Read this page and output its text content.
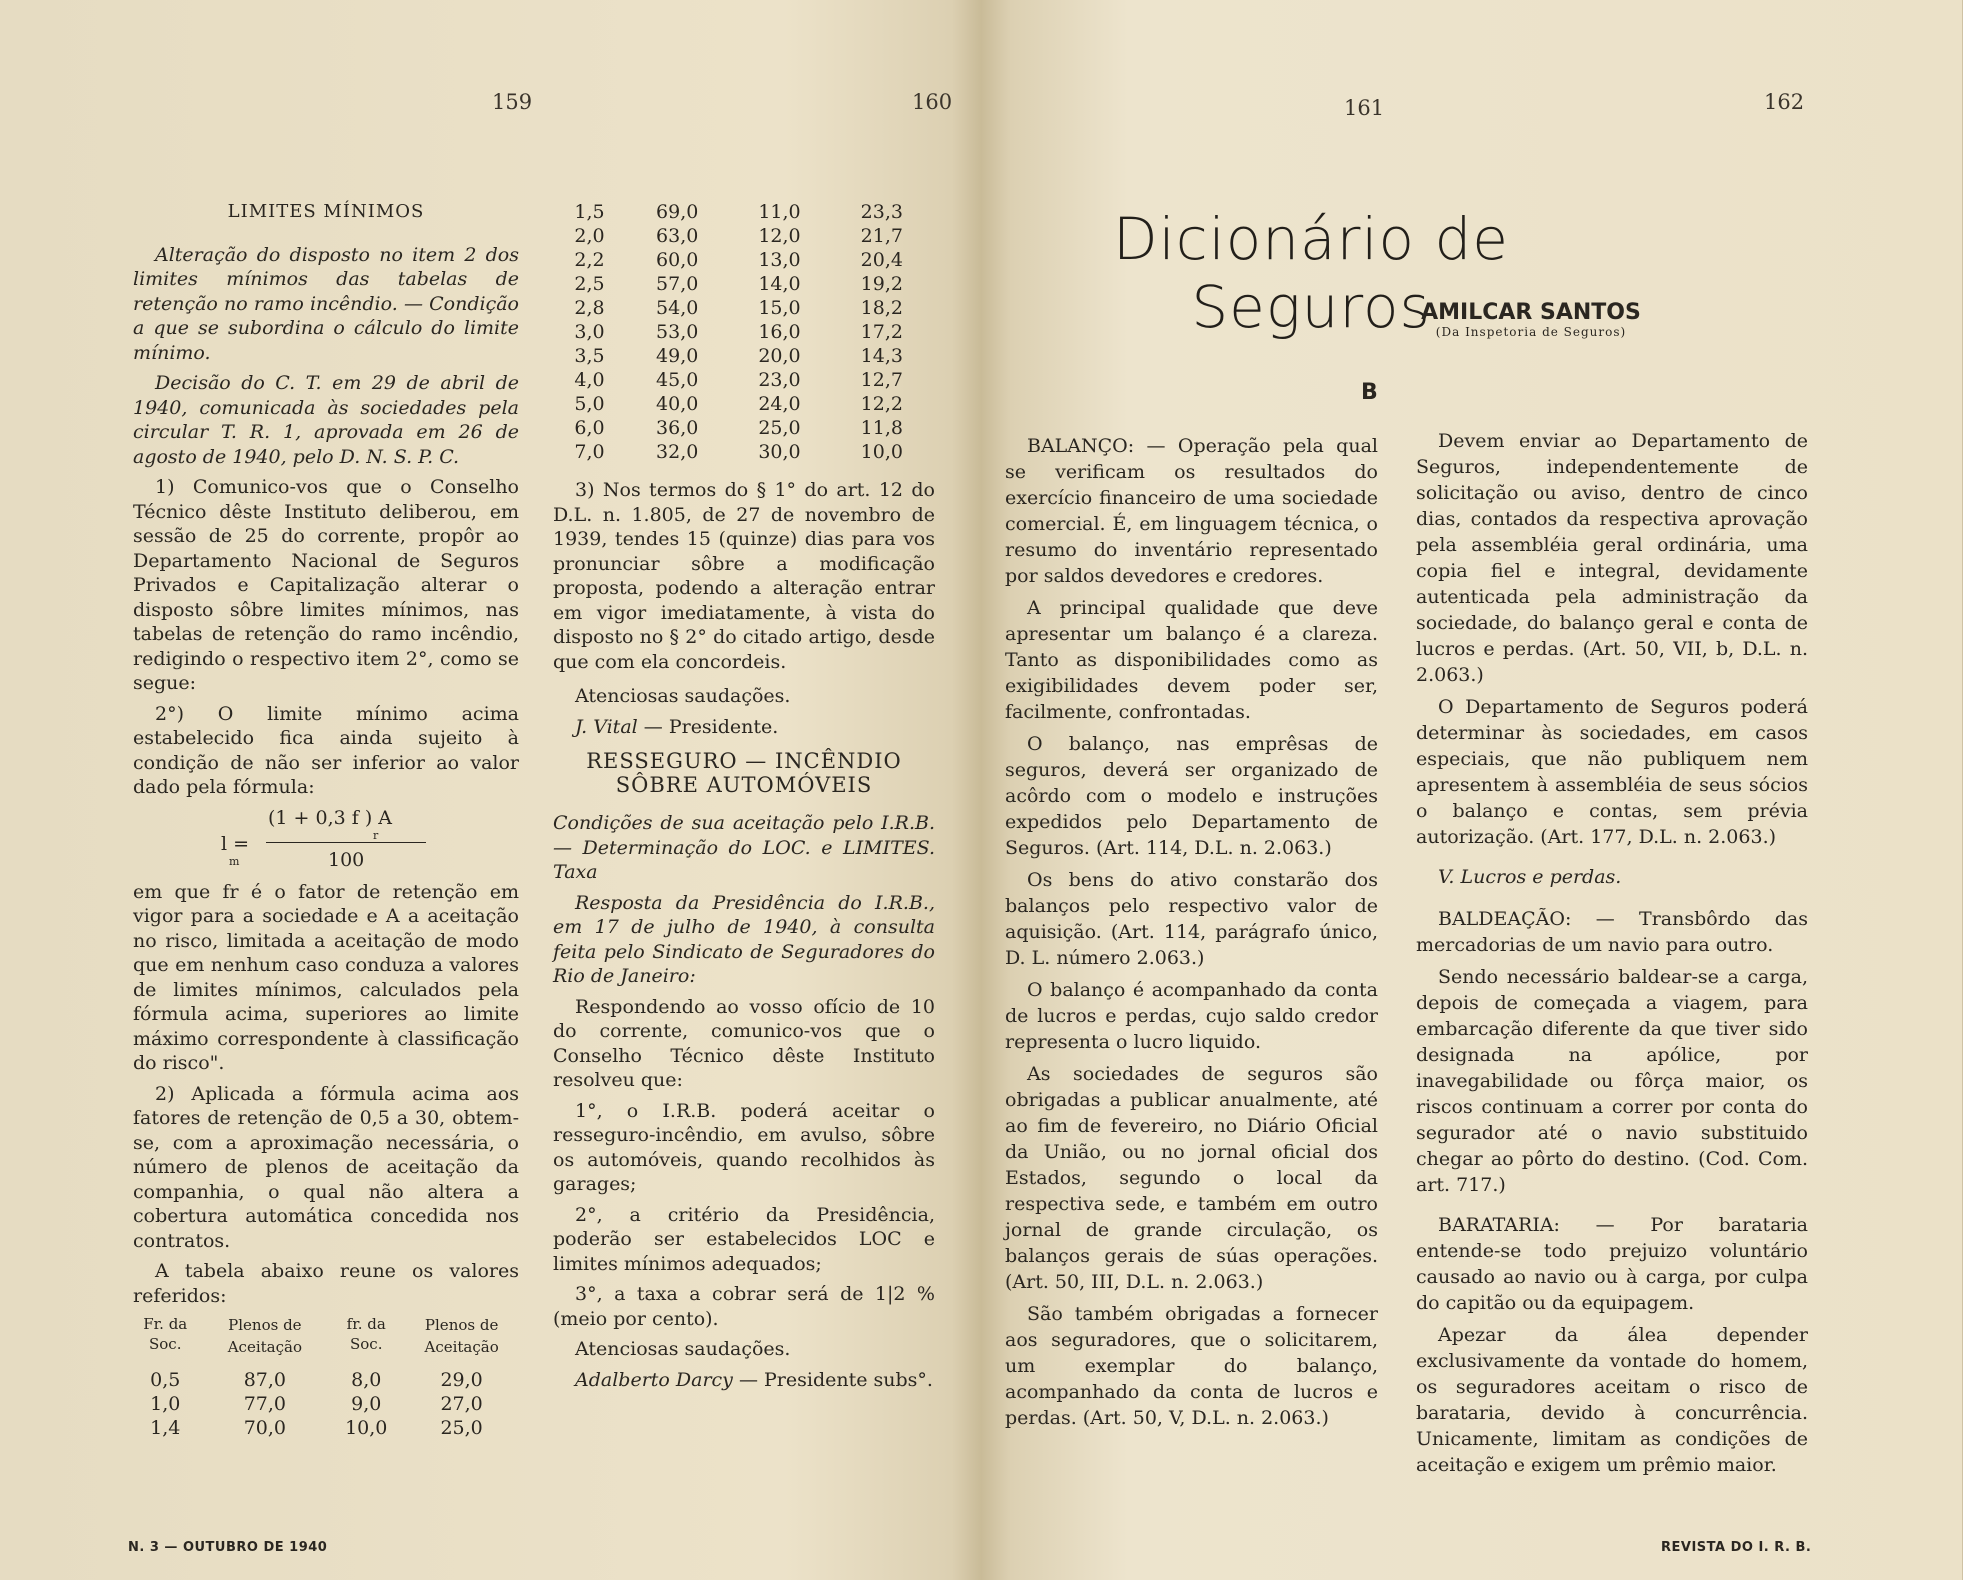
159	160
LIMITES MÍNIMOS

Alteração do disposto no item 2 dos limites mínimos das tabelas de retenção no ramo incêndio. — Condição a que se subordina o cálculo do limite mínimo.

Decisão do C. T. em 29 de abril de 1940, comunicada às sociedades pela circular T. R. 1, aprovada em 26 de agosto de 1940, pelo D. N. S. P. C.

1) Comunico-vos que o Conselho Técnico dêste Instituto deliberou, em sessão de 25 do corrente, propôr ao Departamento Nacional de Seguros Privados e Capitalização alterar o disposto sôbre limites mínimos, nas tabelas de retenção do ramo incêndio, redigindo o respectivo item 2°, como se segue:

2°) O limite mínimo acima estabelecido fica ainda sujeito à condição de não ser inferior ao valor dado pela fórmula:

(1 + 0,3 f ) A
r
l =
m	100

em que fr é o fator de retenção em vigor para a sociedade e A a aceitação no risco, limitada a aceitação de modo que em nenhum caso conduza a valores de limites mínimos, calculados pela fórmula acima, superiores ao limite máximo correspondente à classificação do risco".

2) Aplicada a fórmula acima aos fatores de retenção de 0,5 a 30, obtem-se, com a aproximação necessária, o número de plenos de aceitação da companhia, o qual não altera a cobertura automática concedida nos contratos.

A tabela abaixo reune os valores referidos:

Fr. da Soc.	Plenos de Aceitação	fr. da Soc.	Plenos de Aceitação

0,5	87,0	8,0	29,0
1,0	77,0	9,0	27,0
1,4	70,0	10,0	25,0
1,5	69,0	11,0	23,3
2,0	63,0	12,0	21,7
2,2	60,0	13,0	20,4
2,5	57,0	14,0	19,2
2,8	54,0	15,0	18,2
3,0	53,0	16,0	17,2
3,5	49,0	20,0	14,3
4,0	45,0	23,0	12,7
5,0	40,0	24,0	12,2
6,0	36,0	25,0	11,8
7,0	32,0	30,0	10,0

3) Nos termos do § 1° do art. 12 do D.L. n. 1.805, de 27 de novembro de 1939, tendes 15 (quinze) dias para vos pronunciar sôbre a modificação proposta, podendo a alteração entrar em vigor imediatamente, à vista do disposto no § 2° do citado artigo, desde que com ela concordeis.

Atenciosas saudações.

J. Vital — Presidente.

RESSEGURO — INCÊNDIO SÔBRE AUTOMÓVEIS

Condições de sua aceitação pelo I.R.B. — Determinação do LOC. e LIMITES. Taxa

Resposta da Presidência do I.R.B., em 17 de julho de 1940, à consulta feita pelo Sindicato de Seguradores do Rio de Janeiro:

Respondendo ao vosso ofício de 10 do corrente, comunico-vos que o Conselho Técnico dêste Instituto resolveu que:

1°, o I.R.B. poderá aceitar o resseguro-incêndio, em avulso, sôbre os automóveis, quando recolhidos às garages;

2°, a critério da Presidência, poderão ser estabelecidos LOC e limites mínimos adequados;

3°, a taxa a cobrar será de 1|2 % (meio por cento).

Atenciosas saudações.

Adalberto Darcy — Presidente subs°.

N. 3 — OUTUBRO DE 1940
161	162
Dicionário de Seguros
AMILCAR SANTOS
(Da Inspetoria de Seguros)
B

BALANÇO: — Operação pela qual se verificam os resultados do exercício financeiro de uma sociedade comercial. É, em linguagem técnica, o resumo do inventário representado por saldos devedores e credores.

A principal qualidade que deve apresentar um balanço é a clareza. Tanto as disponibilidades como as exigibilidades devem poder ser, facilmente, confrontadas.

O balanço, nas emprêsas de seguros, deverá ser organizado de acôrdo com o modelo e instruções expedidos pelo Departamento de Seguros. (Art. 114, D.L. n. 2.063.)

Os bens do ativo constarão dos balanços pelo respectivo valor de aquisição. (Art. 114, parágrafo único, D. L. número 2.063.)

O balanço é acompanhado da conta de lucros e perdas, cujo saldo credor representa o lucro liquido.

As sociedades de seguros são obrigadas a publicar anualmente, até ao fim de fevereiro, no Diário Oficial da União, ou no jornal oficial dos Estados, segundo o local da respectiva sede, e também em outro jornal de grande circulação, os balanços gerais de súas operações. (Art. 50, III, D.L. n. 2.063.)

São também obrigadas a fornecer aos seguradores, que o solicitarem, um exemplar do balanço, acompanhado da conta de lucros e perdas. (Art. 50, V, D.L. n. 2.063.)

Devem enviar ao Departamento de Seguros, independentemente de solicitação ou aviso, dentro de cinco dias, contados da respectiva aprovação pela assembléia geral ordinária, uma copia fiel e integral, devidamente autenticada pela administração da sociedade, do balanço geral e conta de lucros e perdas. (Art. 50, VII, b, D.L. n. 2.063.)

O Departamento de Seguros poderá determinar às sociedades, em casos especiais, que não publiquem nem apresentem à assembléia de seus sócios o balanço e contas, sem prévia autorização. (Art. 177, D.L. n. 2.063.)

V. Lucros e perdas.

BALDEAÇÃO: — Transbôrdo das mercadorias de um navio para outro.

Sendo necessário baldear-se a carga, depois de começada a viagem, para embarcação diferente da que tiver sido designada na apólice, por inavegabilidade ou fôrça maior, os riscos continuam a correr por conta do segurador até o navio substituido chegar ao pôrto do destino. (Cod. Com. art. 717.)

BARATARIA: — Por barataria entende-se todo prejuizo voluntário causado ao navio ou à carga, por culpa do capitão ou da equipagem.

Apezar da álea depender exclusivamente da vontade do homem, os seguradores aceitam o risco de barataria, devido à concurrência. Unicamente, limitam as condições de aceitação e exigem um prêmio maior.

REVISTA DO I. R. B.
